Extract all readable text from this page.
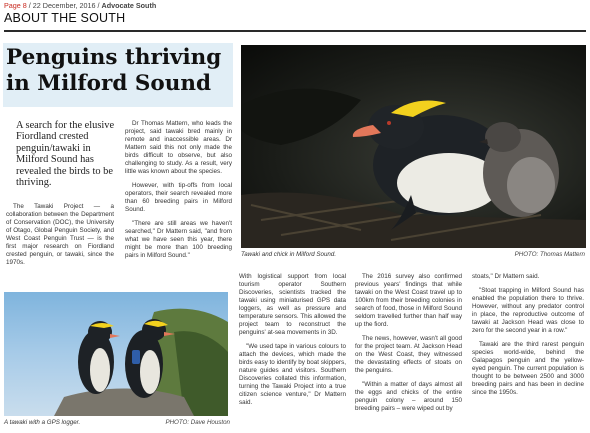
Page 8 / 22 December, 2016 / Advocate South
ABOUT THE SOUTH
Penguins thriving
in Milford Sound
A search for the elusive Fiordland crested penguin/tawaki in Milford Sound has revealed the birds to be thriving.

The Tawaki Project — a collaboration between the Department of Conservation (DOC), the University of Otago, Global Penguin Society, and West Coast Penguin Trust — is the first major research on Fiordland crested penguin, or tawaki, since the 1970s.

Dr Thomas Mattern, who leads the project, said tawaki bred mainly in remote and inaccessible areas. Dr Mattern said this not only made the birds difficult to observe, but also challenging to study. As a result, very little was known about the species.

However, with tip-offs from local operators, their search revealed more than 60 breeding pairs in Milford Sound.

"There are still areas we haven't searched," Dr Mattern said, "and from what we have seen this year, there might be more than 100 breeding pairs in Milford Sound."

With logistical support from local tourism operator Southern Discoveries, scientists tracked the tawaki using miniaturised GPS data loggers, as well as pressure and temperature sensors. This allowed the project team to reconstruct the penguins' at-sea movements in 3D.

"We used tape in various colours to attach the devices, which made the birds easy to identify by boat skippers, nature guides and visitors. Southern Discoveries collated this information, turning the Tawaki Project into a true citizen science venture," Dr Mattern said.

The 2016 survey also confirmed previous years' findings that while tawaki on the West Coast travel up to 100km from their breeding colonies in search of food, those in Milford Sound seldom travelled further than half way up the fiord.

The news, however, wasn't all good for the project team. At Jackson Head on the West Coast, they witnessed the devastating effects of stoats on the penguins.

"Within a matter of days almost all the eggs and chicks of the entire penguin colony – around 150 breeding pairs – were wiped out by

stoats," Dr Mattern said.

"Stoat trapping in Milford Sound has enabled the population there to thrive. However, without any predator control in place, the reproductive outcome of tawaki at Jackson Head was close to zero for the second year in a row."

Tawaki are the third rarest penguin species world-wide, behind the Galapagos penguin and the yellow-eyed penguin. The current population is thought to be between 2500 and 3000 breeding pairs and has been in decline since the 1950s.

Tawaki and chick in Milford Sound.	PHOTO: Thomas Mattern
A tawaki with a GPS logger.	PHOTO: Dave Houston
